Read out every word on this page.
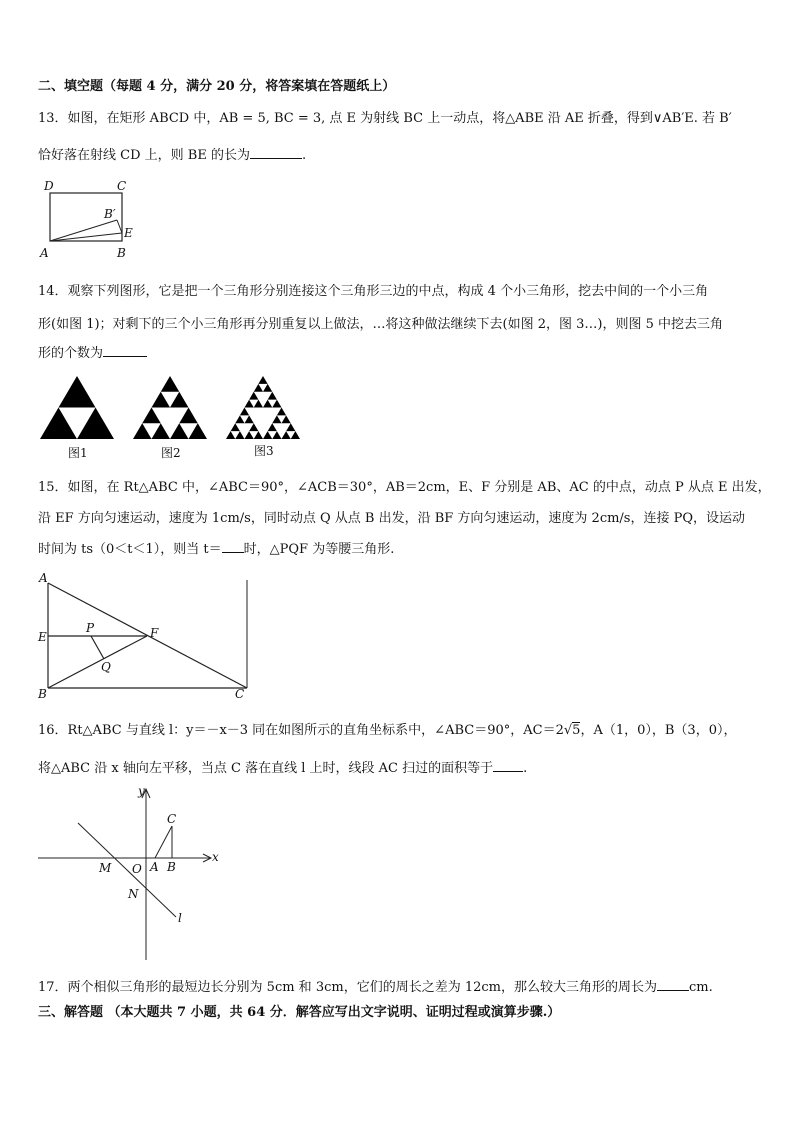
二、填空题（每题 4 分，满分 20 分，将答案填在答题纸上）
13．如图，在矩形 ABCD 中，AB = 5, BC = 3, 点 E 为射线 BC 上一动点，将△ABE 沿 AE 折叠，得到∨AB′E. 若 B′
恰好落在射线 CD 上，则 BE 的长为	.
D	C
B′
E
A	B
14．观察下列图形，它是把一个三角形分别连接这个三角形三边的中点，构成 4 个小三角形，挖去中间的一个小三角
形(如图 1)；对剩下的三个小三角形再分别重复以上做法，…将这种做法继续下去(如图 2，图 3…)，则图 5 中挖去三角
形的个数为
图1	图2	图3
15．如图，在 Rt△ABC 中，∠ABC＝90°，∠ACB＝30°，AB＝2cm，E、F 分别是 AB、AC 的中点，动点 P 从点 E 出发，
沿 EF 方向匀速运动，速度为 1cm/s，同时动点 Q 从点 B 出发，沿 BF 方向匀速运动，速度为 2cm/s，连接 PQ，设运动
时间为 ts（0＜t＜1），则当 t＝ 时，△PQF 为等腰三角形.
A
E
P	F
Q
B	C
16．Rt△ABC 与直线 l：y＝－x－3 同在如图所示的直角坐标系中，∠ABC＝90°，AC＝2√5，A（1，0），B（3，0），
将△ABC 沿 x 轴向左平移，当点 C 落在直线 l 上时，线段 AC 扫过的面积等于 .
y
x
C
M O A B
N
l
17．两个相似三角形的最短边长分别为 5cm 和 3cm，它们的周长之差为 12cm，那么较大三角形的周长为 cm.
三、解答题 （本大题共 7 小题，共 64 分．解答应写出文字说明、证明过程或演算步骤.）
